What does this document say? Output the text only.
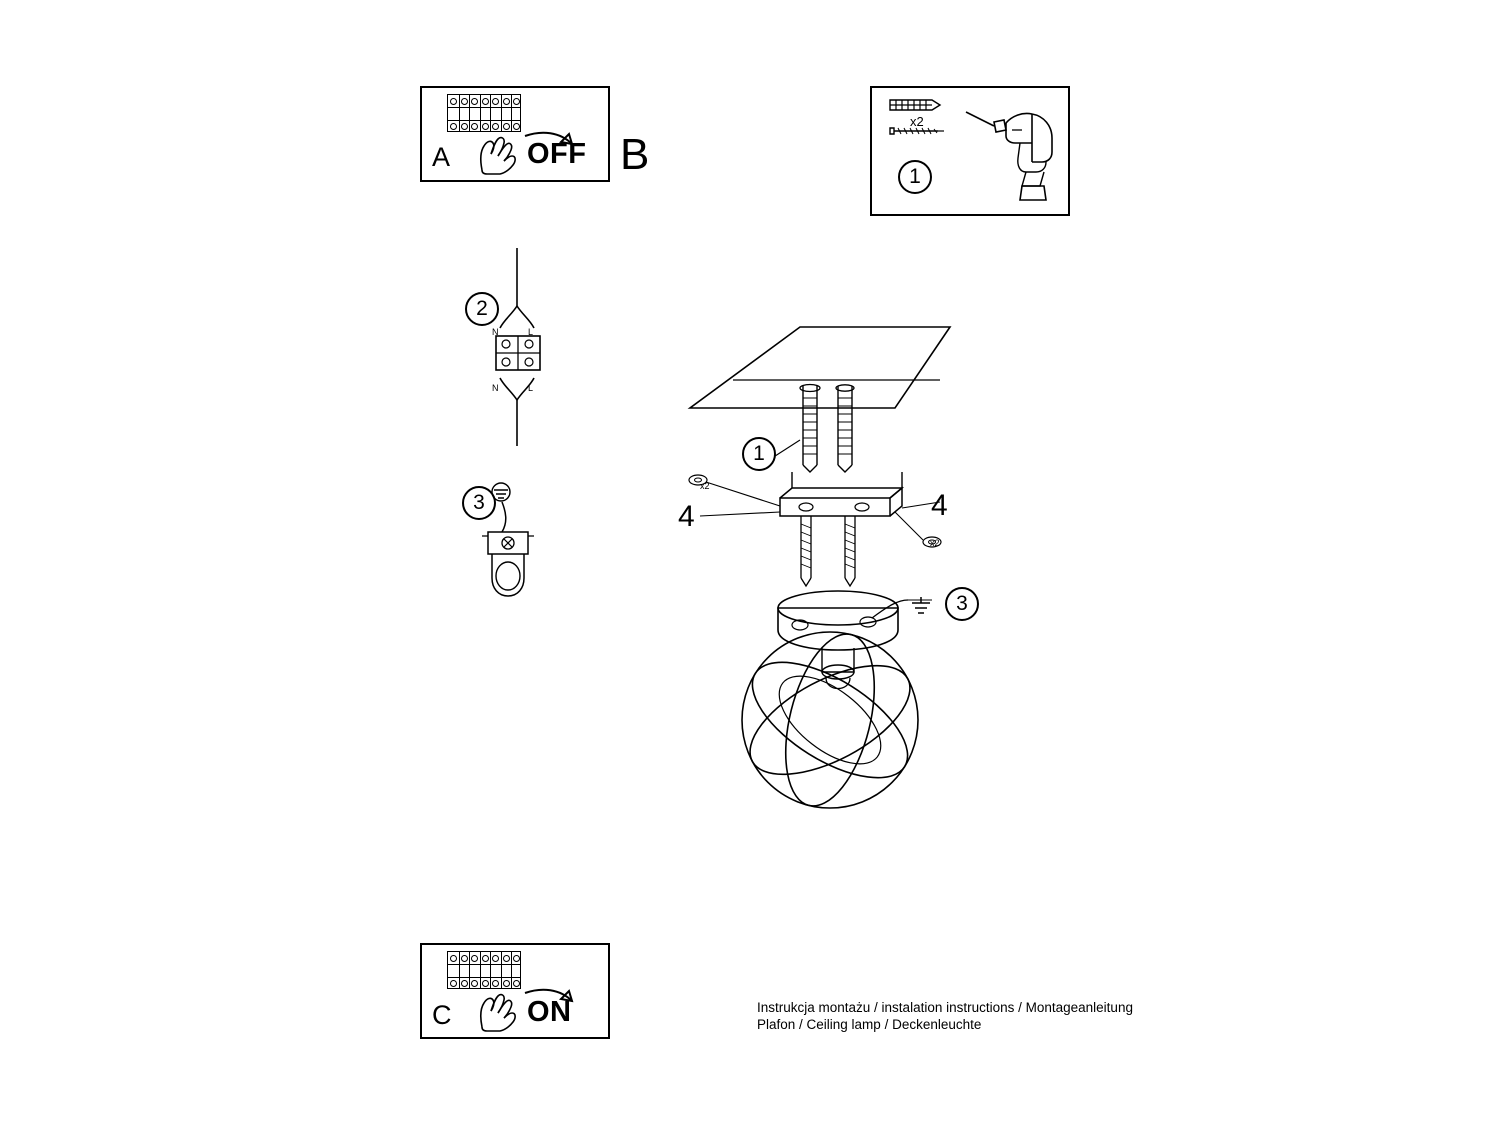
A	OFF B	1
x2
2
N	L
N	L
3
1
4	4
3
x2
x2
C	ON	Instrukcja montażu / instalation instructions / Montageanleitung
Plafon / Ceiling lamp / Deckenleuchte
